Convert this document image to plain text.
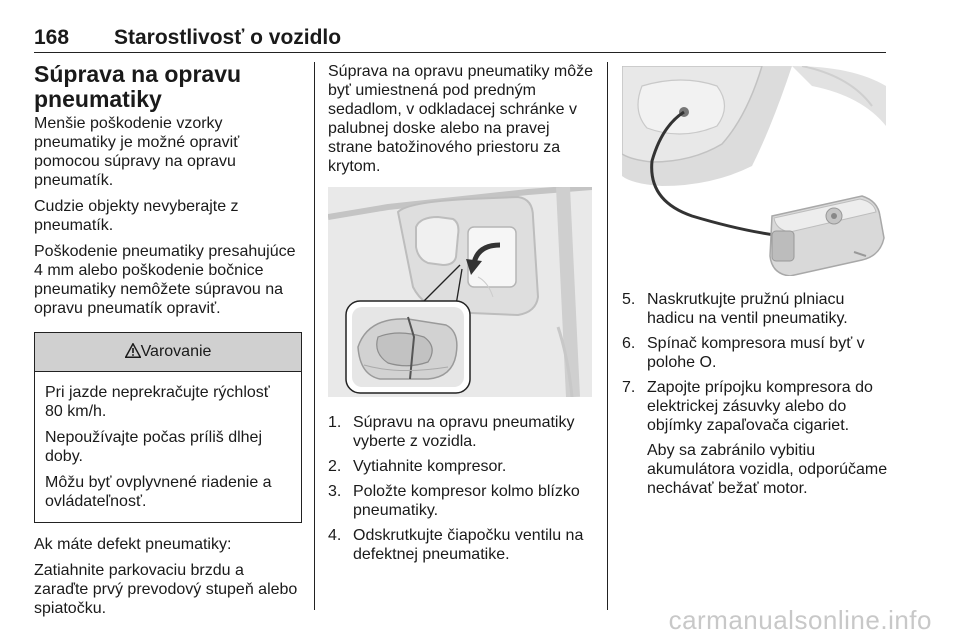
168 Starostlivosť o vozidlo
Súprava na opravu pneumatiky

Menšie poškodenie vzorky pneumatiky je možné opraviť pomocou súpravy na opravu pneumatík.

Cudzie objekty nevyberajte z pneumatík.

Poškodenie pneumatiky presahujúce 4 mm alebo poškodenie bočnice pneumatiky nemôžete súpravou na opravu pneumatík opraviť.

Varovanie

Pri jazde neprekračujte rýchlosť 80 km/h.

Nepoužívajte počas príliš dlhej doby.

Môžu byť ovplyvnené riadenie a ovládateľnosť.

Ak máte defekt pneumatiky:

Zatiahnite parkovaciu brzdu a zaraďte prvý prevodový stupeň alebo spiatočku.

Súprava na opravu pneumatiky môže byť umiestnená pod predným sedadlom, v odkladacej schránke v palubnej doske alebo na pravej strane batožinového priestoru za krytom.

1. Súpravu na opravu pneumatiky vyberte z vozidla.
2. Vytiahnite kompresor.
3. Položte kompresor kolmo blízko pneumatiky.
4. Odskrutkujte čiapočku ventilu na defektnej pneumatike.
5. Naskrutkujte pružnú plniacu hadicu na ventil pneumatiky.
6. Spínač kompresora musí byť v polohe O.
7. Zapojte prípojku kompresora do elektrickej zásuvky alebo do objímky zapaľovača cigariet.
Aby sa zabránilo vybitiu akumulátora vozidla, odporúčame nechávať bežať motor.
carmanualsonline.info
